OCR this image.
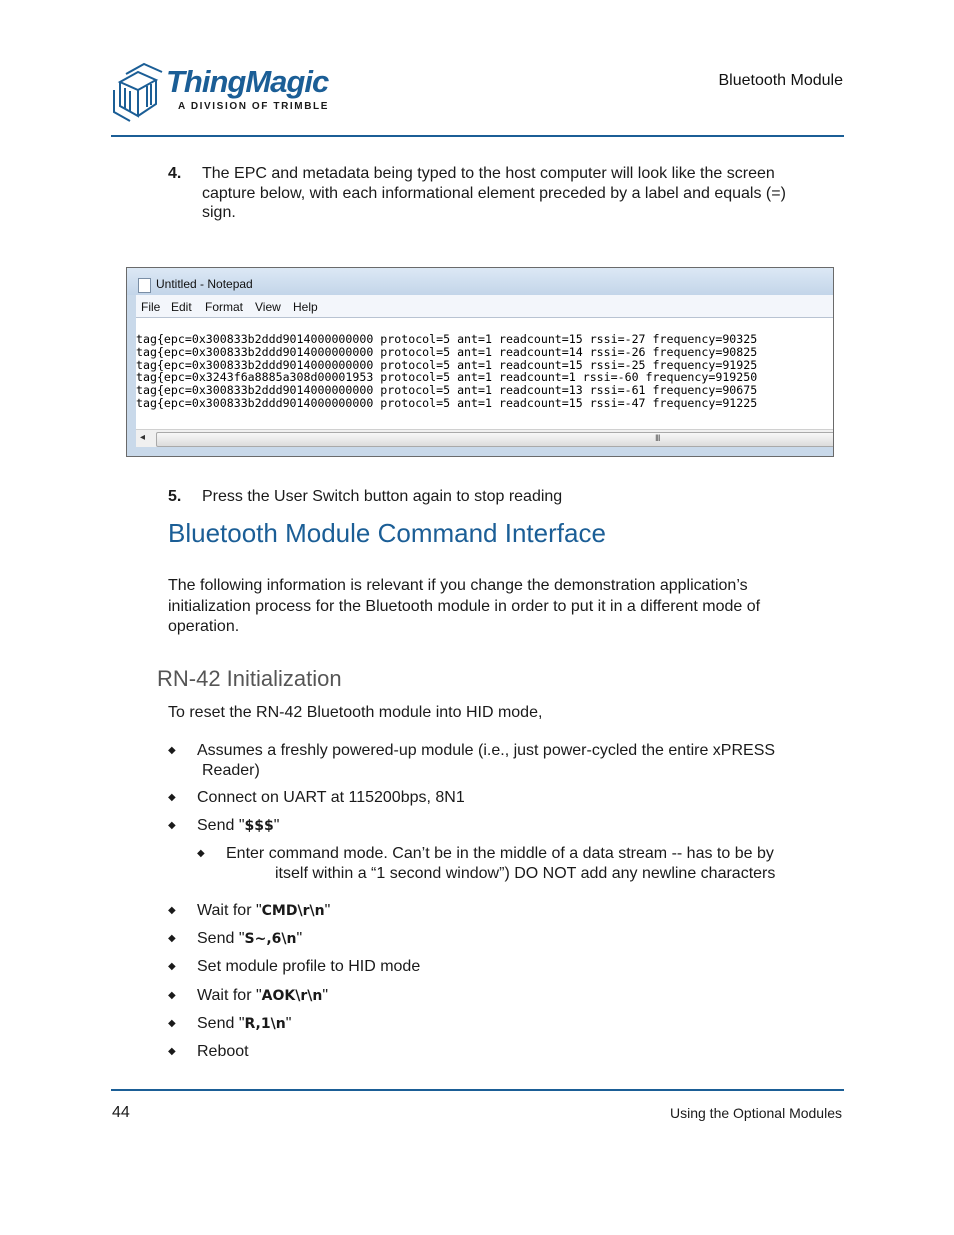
ThingMagic
A DIVISION OF TRIMBLE
Bluetooth Module
4. The EPC and metadata being typed to the host computer will look like the screen
capture below, with each informational element preceded by a label and equals (=)
sign.
Untitled - Notepad
File Edit Format View Help
tag{epc=0x300833b2ddd9014000000000 protocol=5 ant=1 readcount=15 rssi=-27 frequency=90325
tag{epc=0x300833b2ddd9014000000000 protocol=5 ant=1 readcount=14 rssi=-26 frequency=90825
tag{epc=0x300833b2ddd9014000000000 protocol=5 ant=1 readcount=15 rssi=-25 frequency=91925
tag{epc=0x3243f6a8885a308d00001953 protocol=5 ant=1 readcount=1 rssi=-60 frequency=919250
tag{epc=0x300833b2ddd9014000000000 protocol=5 ant=1 readcount=13 rssi=-61 frequency=90675
tag{epc=0x300833b2ddd9014000000000 protocol=5 ant=1 readcount=15 rssi=-47 frequency=91225
◂	III
5. Press the User Switch button again to stop reading
Bluetooth Module Command Interface
The following information is relevant if you change the demonstration application’s
initialization process for the Bluetooth module in order to put it in a different mode of
operation.
RN-42 Initialization
To reset the RN-42 Bluetooth module into HID mode,
◆ Assumes a freshly powered-up module (i.e., just power-cycled the entire xPRESS
Reader)
◆ Connect on UART at 115200bps, 8N1
◆ Send "$$$"
◆ Enter command mode. Can’t be in the middle of a data stream -- has to be by
itself within a “1 second window”) DO NOT add any newline characters
◆ Wait for "CMD\r\n"
◆ Send "S~,6\n"
◆ Set module profile to HID mode
◆ Wait for "AOK\r\n"
◆ Send "R,1\n"
◆ Reboot
44	Using the Optional Modules
